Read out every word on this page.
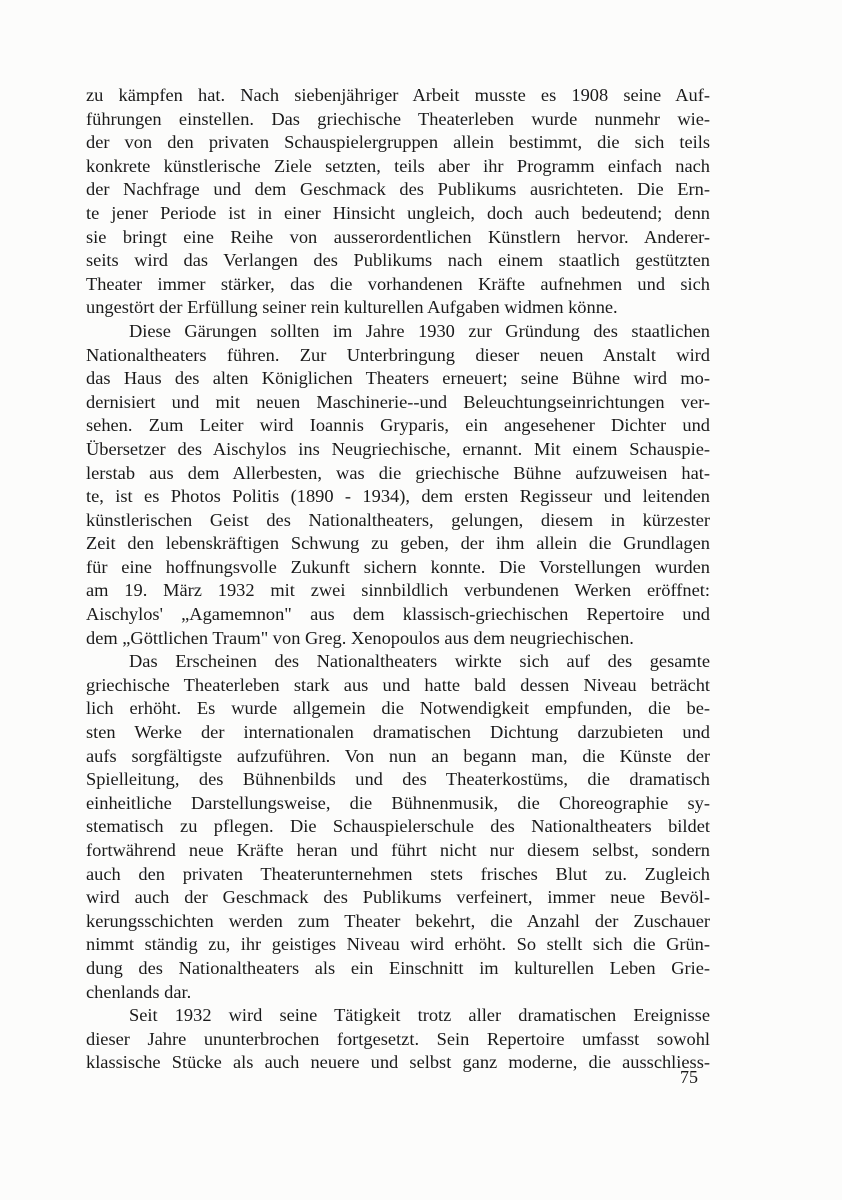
zu kämpfen hat. Nach siebenjähriger Arbeit musste es 1908 seine Auf-
führungen einstellen. Das griechische Theaterleben wurde nunmehr wie-
der von den privaten Schauspielergruppen allein bestimmt, die sich teils
konkrete künstlerische Ziele setzten, teils aber ihr Programm einfach nach
der Nachfrage und dem Geschmack des Publikums ausrichteten. Die Ern-
te jener Periode ist in einer Hinsicht ungleich, doch auch bedeutend; denn
sie bringt eine Reihe von ausserordentlichen Künstlern hervor. Anderer-
seits wird das Verlangen des Publikums nach einem staatlich gestützten
Theater immer stärker, das die vorhandenen Kräfte aufnehmen und sich
ungestört der Erfüllung seiner rein kulturellen Aufgaben widmen könne.
Diese Gärungen sollten im Jahre 1930 zur Gründung des staatlichen
Nationaltheaters führen. Zur Unterbringung dieser neuen Anstalt wird
das Haus des alten Königlichen Theaters erneuert; seine Bühne wird mo-
dernisiert und mit neuen Maschinerie--und Beleuchtungseinrichtungen ver-
sehen. Zum Leiter wird Ioannis Gryparis, ein angesehener Dichter und
Übersetzer des Aischylos ins Neugriechische, ernannt. Mit einem Schauspie-
lerstab aus dem Allerbesten, was die griechische Bühne aufzuweisen hat-
te, ist es Photos Politis (1890 - 1934), dem ersten Regisseur und leitenden
künstlerischen Geist des Nationaltheaters, gelungen, diesem in kürzester
Zeit den lebenskräftigen Schwung zu geben, der ihm allein die Grundlagen
für eine hoffnungsvolle Zukunft sichern konnte. Die Vorstellungen wurden
am 19. März 1932 mit zwei sinnbildlich verbundenen Werken eröffnet:
Aischylos' „Agamemnon" aus dem klassisch-griechischen Repertoire und
dem „Göttlichen Traum" von Greg. Xenopoulos aus dem neugriechischen.
Das Erscheinen des Nationaltheaters wirkte sich auf des gesamte
griechische Theaterleben stark aus und hatte bald dessen Niveau beträcht
lich erhöht. Es wurde allgemein die Notwendigkeit empfunden, die be-
sten Werke der internationalen dramatischen Dichtung darzubieten und
aufs sorgfältigste aufzuführen. Von nun an begann man, die Künste der
Spielleitung, des Bühnenbilds und des Theaterkostüms, die dramatisch
einheitliche Darstellungsweise, die Bühnenmusik, die Choreographie sy-
stematisch zu pflegen. Die Schauspielerschule des Nationaltheaters bildet
fortwährend neue Kräfte heran und führt nicht nur diesem selbst, sondern
auch den privaten Theaterunternehmen stets frisches Blut zu. Zugleich
wird auch der Geschmack des Publikums verfeinert, immer neue Bevöl-
kerungsschichten werden zum Theater bekehrt, die Anzahl der Zuschauer
nimmt ständig zu, ihr geistiges Niveau wird erhöht. So stellt sich die Grün-
dung des Nationaltheaters als ein Einschnitt im kulturellen Leben Grie-
chenlands dar.
Seit 1932 wird seine Tätigkeit trotz aller dramatischen Ereignisse
dieser Jahre ununterbrochen fortgesetzt. Sein Repertoire umfasst sowohl
klassische Stücke als auch neuere und selbst ganz moderne, die ausschliess-
75
